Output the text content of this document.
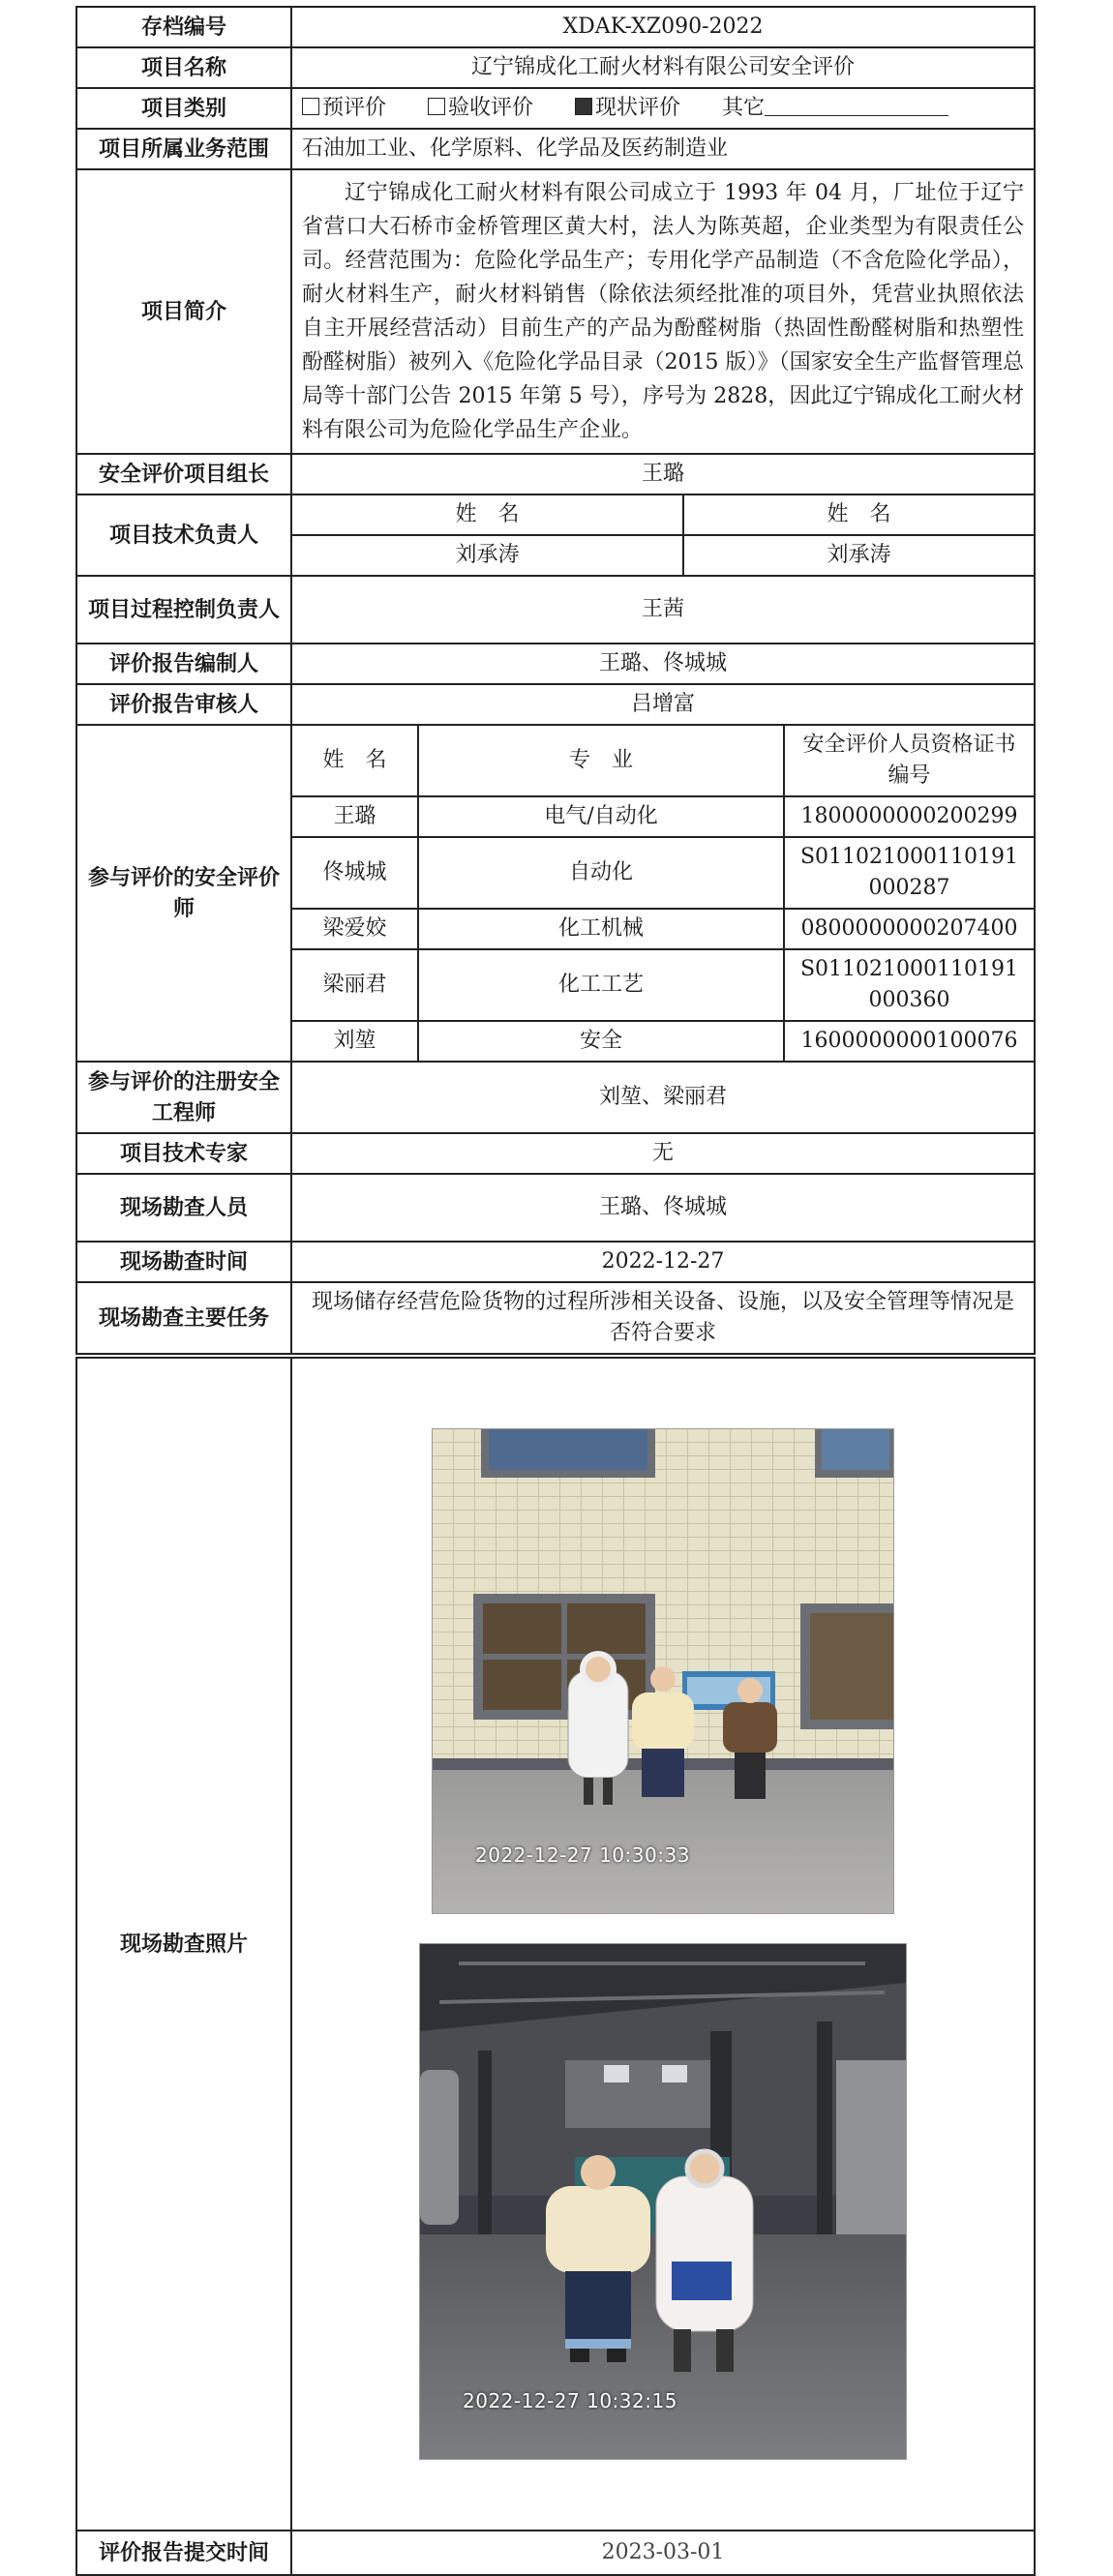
存档编号	XDAK-XZ090-2022
项目名称	辽宁锦成化工耐火材料有限公司安全评价
项目类别	预评价	验收评价	现状评价 其它
项目所属业务范围	石油加工业、化学原料、化学品及医药制造业
项目简介	辽宁锦成化工耐火材料有限公司成立于 1993 年 04 月，厂址位于辽宁省营口大石桥市金桥管理区黄大村，法人为陈英超，企业类型为有限责任公司。经营范围为：危险化学品生产；专用化学产品制造（不含危险化学品），耐火材料生产，耐火材料销售（除依法须经批准的项目外，凭营业执照依法自主开展经营活动）目前生产的产品为酚醛树脂（热固性酚醛树脂和热塑性酚醛树脂）被列入《危险化学品目录（2015 版）》（国家安全生产监督管理总局等十部门公告 2015 年第 5 号），序号为 2828，因此辽宁锦成化工耐火材料有限公司为危险化学品生产企业。
安全评价项目组长	王璐
项目技术负责人	
姓　名	姓　名
刘承涛	刘承涛

项目过程控制负责人	王茜
评价报告编制人	王璐、佟城城
评价报告审核人	吕增富
参与评价的安全评价师	
姓　名	专　业	安全评价人员资格证书编号
王璐	电气/自动化	1800000000200299
佟城城	自动化	S011021000110191000287
梁爱姣	化工机械	0800000000207400
梁丽君	化工工艺	S011021000110191000360
刘堃	安全	1600000000100076

参与评价的注册安全工程师	刘堃、梁丽君
项目技术专家	无
现场勘查人员	王璐、佟城城
现场勘查时间	2022-12-27
现场勘查主要任务	现场储存经营危险货物的过程所涉相关设备、设施，以及安全管理等情况是否符合要求
现场勘查照片	2022-12-27 10:30:33
2022-12-27 10:32:15

评价报告提交时间	2023-03-01
